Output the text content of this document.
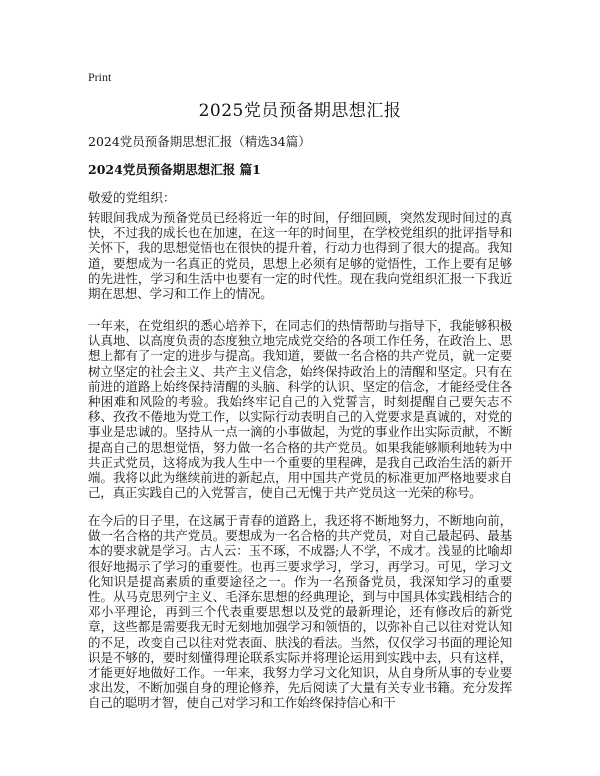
Print
2025党员预备期思想汇报

2024党员预备期思想汇报（精选34篇）

2024党员预备期思想汇报 篇1

敬爱的党组织：

转眼间我成为预备党员已经将近一年的时间，仔细回顾，突然发现时间过的真快，不过我的成长也在加速，在这一年的时间里，在学校党组织的批评指导和关怀下，我的思想觉悟也在很快的提升着，行动力也得到了很大的提高。我知道，要想成为一名真正的党员，思想上必须有足够的觉悟性，工作上要有足够的先进性，学习和生活中也要有一定的时代性。现在我向党组织汇报一下我近期在思想、学习和工作上的情况。

一年来，在党组织的悉心培养下，在同志们的热情帮助与指导下，我能够积极认真地、以高度负责的态度独立地完成党交给的各项工作任务，在政治上、思想上都有了一定的进步与提高。我知道，要做一名合格的共产党员，就一定要树立坚定的社会主义、共产主义信念，始终保持政治上的清醒和坚定。只有在前进的道路上始终保持清醒的头脑、科学的认识、坚定的信念，才能经受住各种困难和风险的考验。我始终牢记自己的入党誓言，时刻提醒自己要矢志不移、孜孜不倦地为党工作，以实际行动表明自己的入党要求是真诚的，对党的事业是忠诚的。坚持从一点一滴的小事做起，为党的事业作出实际贡献，不断提高自己的思想觉悟，努力做一名合格的共产党员。如果我能够顺利地转为中共正式党员，这将成为我人生中一个重要的里程碑，是我自己政治生活的新开端。我将以此为继续前进的新起点，用中国共产党员的标准更加严格地要求自己，真正实践自己的入党誓言，使自己无愧于共产党员这一光荣的称号。

在今后的日子里，在这属于青春的道路上，我还将不断地努力，不断地向前，做一名合格的共产党员。要想成为一名合格的共产党员，对自己最起码、最基本的要求就是学习。古人云：玉不琢，不成器;人不学，不成才。浅显的比喻却很好地揭示了学习的重要性。也再三要求学习，学习，再学习。可见，学习文化知识是提高素质的重要途径之一。作为一名预备党员，我深知学习的重要性。从马克思列宁主义、毛泽东思想的经典理论，到与中国具体实践相结合的邓小平理论，再到三个代表重要思想以及党的最新理论，还有修改后的新党章，这些都是需要我无时无刻地加强学习和领悟的，以弥补自己以往对党认知的不足，改变自己以往对党表面、肤浅的看法。当然，仅仅学习书面的理论知识是不够的，要时刻懂得理论联系实际并将理论运用到实践中去，只有这样，才能更好地做好工作。一年来，我努力学习文化知识，从自身所从事的专业要求出发，不断加强自身的理论修养，先后阅读了大量有关专业书籍。充分发挥自己的聪明才智，使自己对学习和工作始终保持信心和干
